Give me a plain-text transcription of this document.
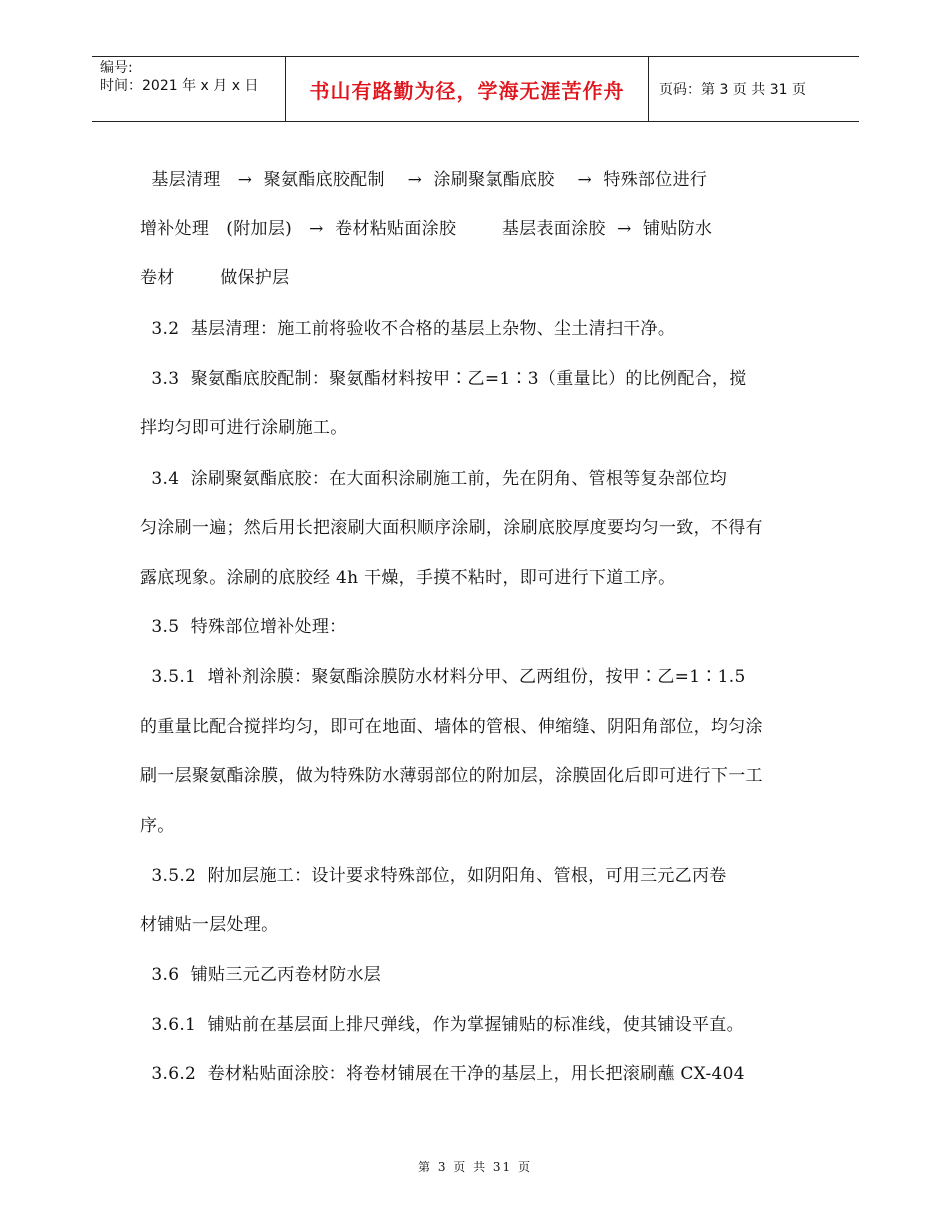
编号:
时间：2021 年 x 月 x 日	书山有路勤为径，学海无涯苦作舟	页码：第 3 页 共 31 页
基层清理   →  聚氨酯底胶配制    →  涂刷聚氯酯底胶    →  特殊部位进行
增补处理   (附加层)   →  卷材粘贴面涂胶        基层表面涂胶  →  铺贴防水
卷材        做保护层
3.2  基层清理：施工前将验收不合格的基层上杂物、尘土清扫干净。
3.3  聚氨酯底胶配制：聚氨酯材料按甲∶乙=1∶3（重量比）的比例配合，搅
拌均匀即可进行涂刷施工。
3.4  涂刷聚氨酯底胶：在大面积涂刷施工前，先在阴角、管根等复杂部位均
匀涂刷一遍；然后用长把滚刷大面积顺序涂刷，涂刷底胶厚度要均匀一致，不得有
露底现象。涂刷的底胶经 4h 干燥，手摸不粘时，即可进行下道工序。
3.5  特殊部位增补处理：
3.5.1  增补剂涂膜：聚氨酯涂膜防水材料分甲、乙两组份，按甲∶乙=1∶1.5
的重量比配合搅拌均匀，即可在地面、墙体的管根、伸缩缝、阴阳角部位，均匀涂
刷一层聚氨酯涂膜，做为特殊防水薄弱部位的附加层，涂膜固化后即可进行下一工
序。
3.5.2  附加层施工：设计要求特殊部位，如阴阳角、管根，可用三元乙丙卷
材铺贴一层处理。
3.6  铺贴三元乙丙卷材防水层
3.6.1  铺贴前在基层面上排尺弹线，作为掌握铺贴的标准线，使其铺设平直。
3.6.2  卷材粘贴面涂胶：将卷材铺展在干净的基层上，用长把滚刷蘸 CX-404
第 3 页 共 31 页
